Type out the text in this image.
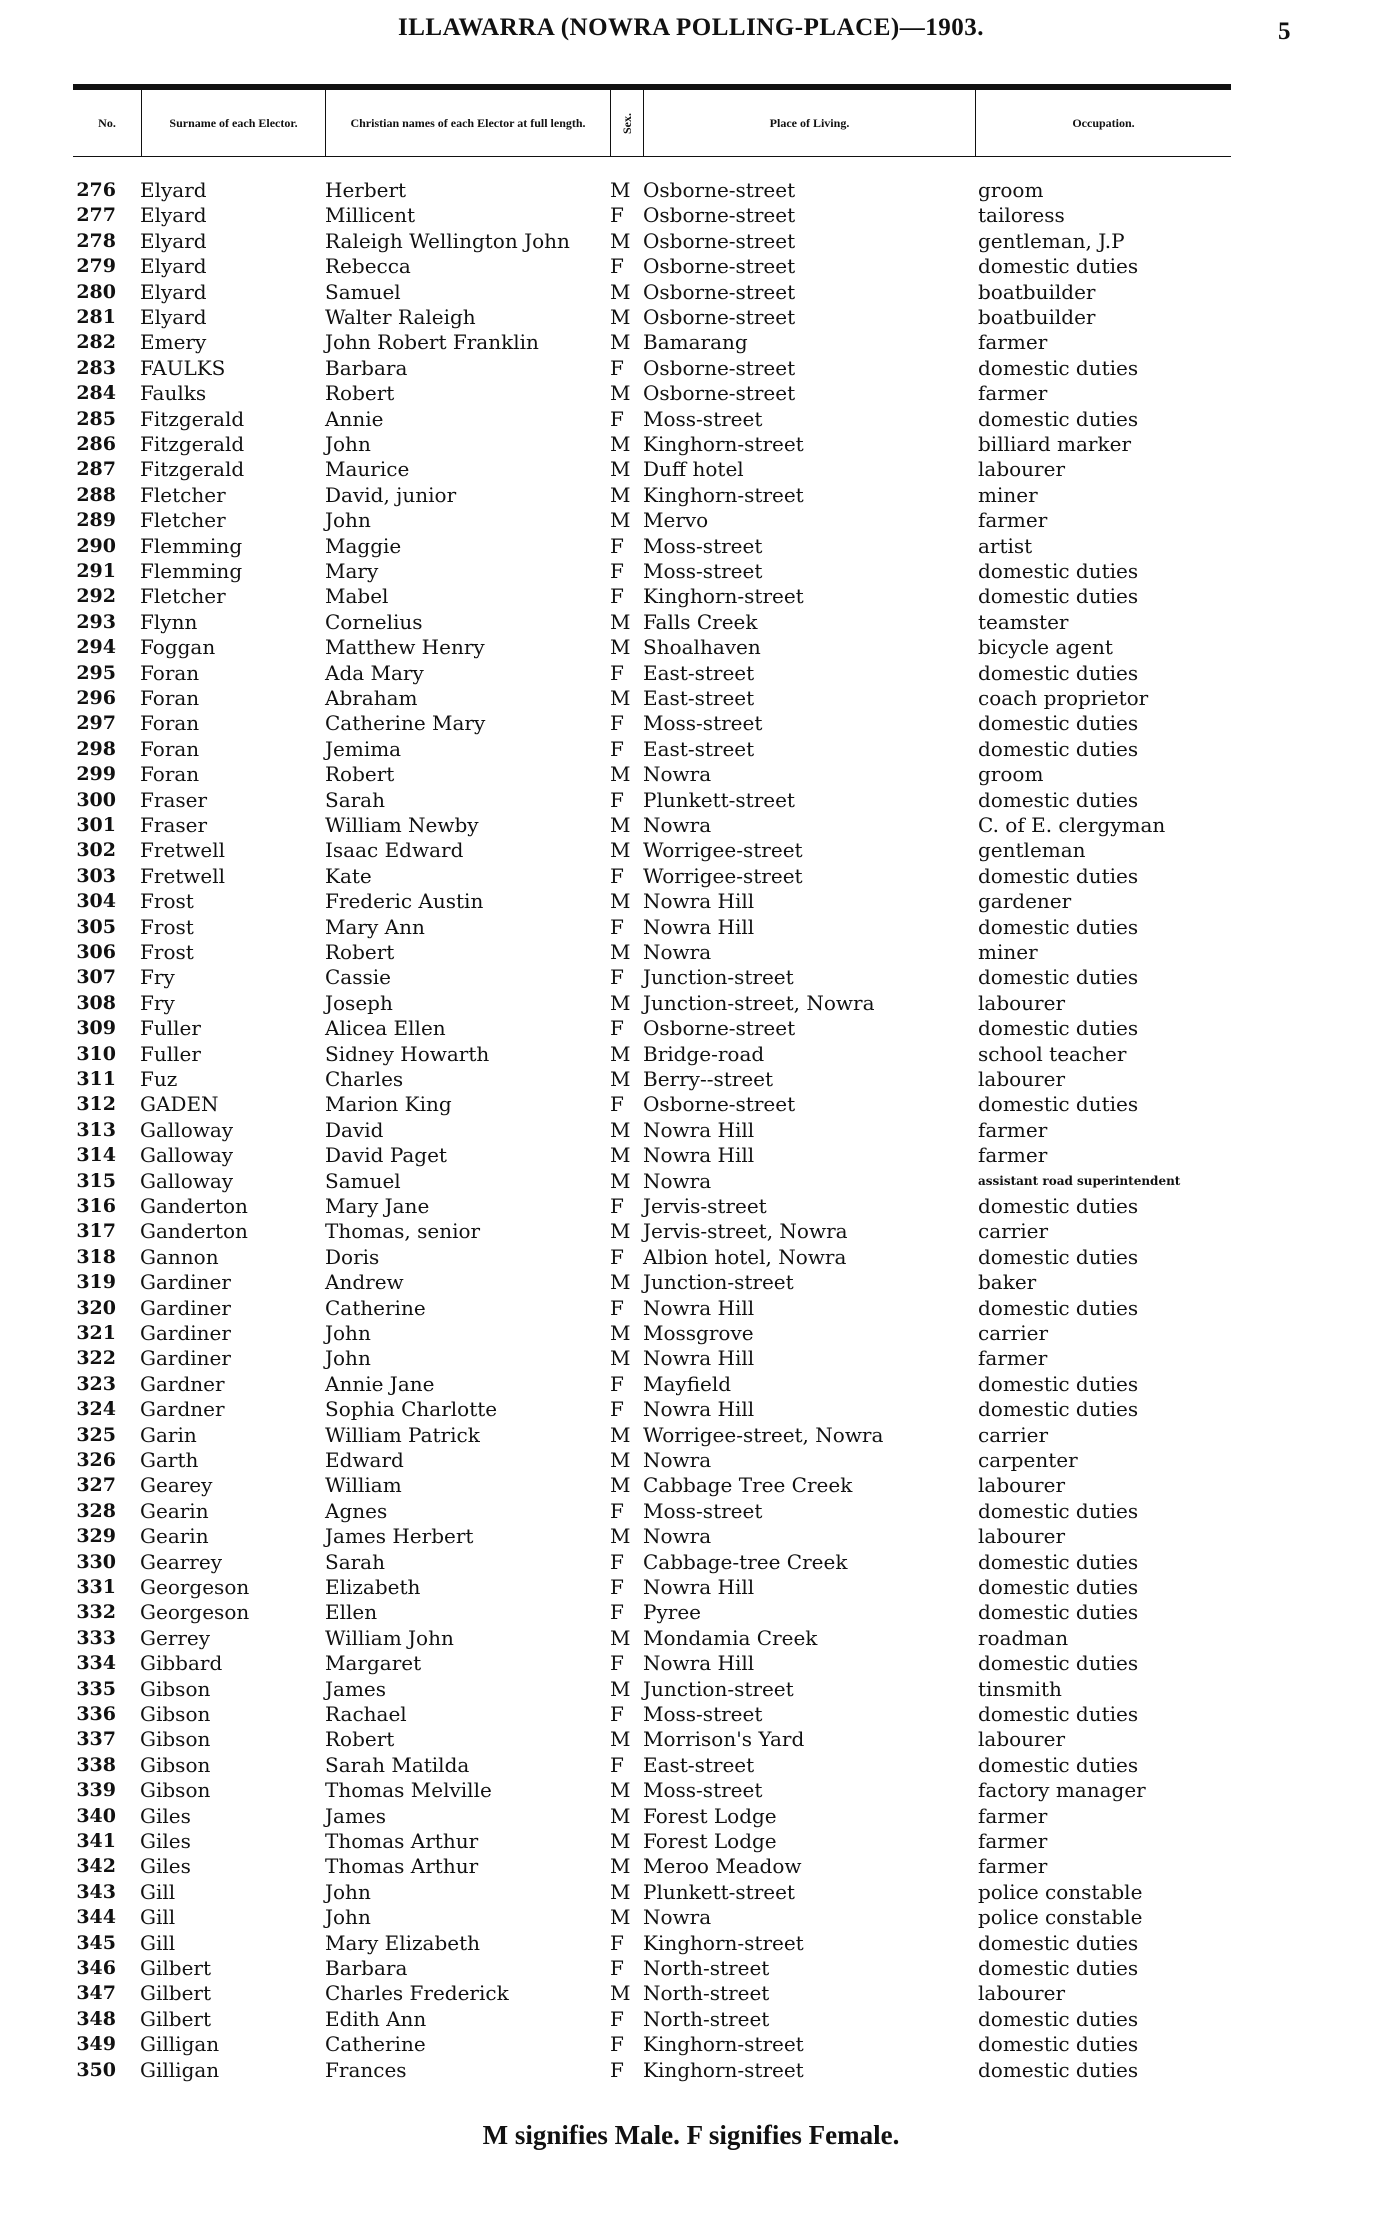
ILLAWARRA (NOWRA POLLING-PLACE)—1903.	5
No.	Surname of each Elector.	Christian names of each Elector at full length.	Sex.	Place of Living.	Occupation.
276 Elyard	Herbert	M Osborne-street	groom
277 Elyard	Millicent	F Osborne-street	tailoress
278 Elyard	Raleigh Wellington John M Osborne-street	gentleman, J.P
279 Elyard	Rebecca	F Osborne-street	domestic duties
280 Elyard	Samuel	M Osborne-street	boatbuilder
281 Elyard	Walter Raleigh	M Osborne-street	boatbuilder
282 Emery	John Robert Franklin	M Bamarang	farmer
283 FAULKS	Barbara	F Osborne-street	domestic duties
284 Faulks	Robert	M Osborne-street	farmer
285 Fitzgerald	Annie	F Moss-street	domestic duties
286 Fitzgerald	John	M Kinghorn-street	billiard marker
287 Fitzgerald	Maurice	M Duff hotel	labourer
288 Fletcher	David, junior	M Kinghorn-street	miner
289 Fletcher	John	M Mervo	farmer
290 Flemming	Maggie	F Moss-street	artist
291 Flemming	Mary	F Moss-street	domestic duties
292 Fletcher	Mabel	F Kinghorn-street	domestic duties
293 Flynn	Cornelius	M Falls Creek	teamster
294 Foggan	Matthew Henry	M Shoalhaven	bicycle agent
295 Foran	Ada Mary	F East-street	domestic duties
296 Foran	Abraham	M East-street	coach proprietor
297 Foran	Catherine Mary	F Moss-street	domestic duties
298 Foran	Jemima	F East-street	domestic duties
299 Foran	Robert	M Nowra	groom
300 Fraser	Sarah	F Plunkett-street	domestic duties
301 Fraser	William Newby	M Nowra	C. of E. clergyman
302 Fretwell	Isaac Edward	M Worrigee-street	gentleman
303 Fretwell	Kate	F Worrigee-street	domestic duties
304 Frost	Frederic Austin	M Nowra Hill	gardener
305 Frost	Mary Ann	F Nowra Hill	domestic duties
306 Frost	Robert	M Nowra	miner
307 Fry	Cassie	F Junction-street	domestic duties
308 Fry	Joseph	M Junction-street, Nowra	labourer
309 Fuller	Alicea Ellen	F Osborne-street	domestic duties
310 Fuller	Sidney Howarth	M Bridge-road	school teacher
311 Fuz	Charles	M Berry--street	labourer
312 GADEN	Marion King	F Osborne-street	domestic duties
313 Galloway	David	M Nowra Hill	farmer
314 Galloway	David Paget	M Nowra Hill	farmer
315 Galloway	Samuel	M Nowra	assistant road superintendent
316 Ganderton	Mary Jane	F Jervis-street	domestic duties
317 Ganderton	Thomas, senior	M Jervis-street, Nowra	carrier
318 Gannon	Doris	F Albion hotel, Nowra	domestic duties
319 Gardiner	Andrew	M Junction-street	baker
320 Gardiner	Catherine	F Nowra Hill	domestic duties
321 Gardiner	John	M Mossgrove	carrier
322 Gardiner	John	M Nowra Hill	farmer
323 Gardner	Annie Jane	F Mayfield	domestic duties
324 Gardner	Sophia Charlotte	F Nowra Hill	domestic duties
325 Garin	William Patrick	M Worrigee-street, Nowra	carrier
326 Garth	Edward	M Nowra	carpenter
327 Gearey	William	M Cabbage Tree Creek	labourer
328 Gearin	Agnes	F Moss-street	domestic duties
329 Gearin	James Herbert	M Nowra	labourer
330 Gearrey	Sarah	F Cabbage-tree Creek	domestic duties
331 Georgeson	Elizabeth	F Nowra Hill	domestic duties
332 Georgeson	Ellen	F Pyree	domestic duties
333 Gerrey	William John	M Mondamia Creek	roadman
334 Gibbard	Margaret	F Nowra Hill	domestic duties
335 Gibson	James	M Junction-street	tinsmith
336 Gibson	Rachael	F Moss-street	domestic duties
337 Gibson	Robert	M Morrison's Yard	labourer
338 Gibson	Sarah Matilda	F East-street	domestic duties
339 Gibson	Thomas Melville	M Moss-street	factory manager
340 Giles	James	M Forest Lodge	farmer
341 Giles	Thomas Arthur	M Forest Lodge	farmer
342 Giles	Thomas Arthur	M Meroo Meadow	farmer
343 Gill	John	M Plunkett-street	police constable
344 Gill	John	M Nowra	police constable
345 Gill	Mary Elizabeth	F Kinghorn-street	domestic duties
346 Gilbert	Barbara	F North-street	domestic duties
347 Gilbert	Charles Frederick	M North-street	labourer
348 Gilbert	Edith Ann	F North-street	domestic duties
349 Gilligan	Catherine	F Kinghorn-street	domestic duties
350 Gilligan	Frances	F Kinghorn-street	domestic duties
M signifies Male. F signifies Female.
